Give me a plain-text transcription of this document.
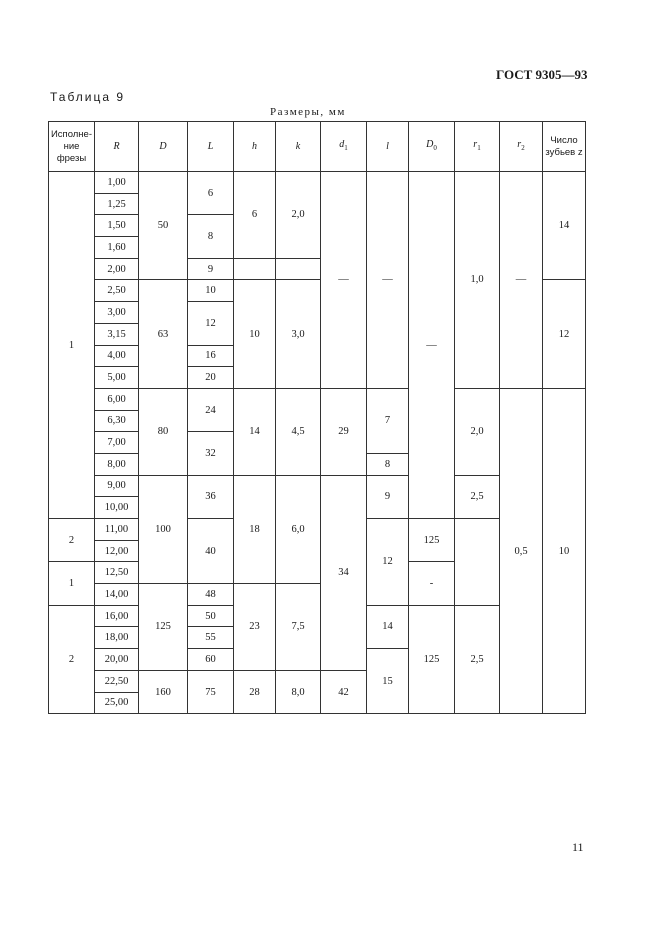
ГОСТ 9305—93
Таблица 9
Размеры, мм
Исполне-ние фрезы	R	D	L	h	k	$d_1$	l	$D_0$	$r_1$	$r_2$	Число зубьев z
1	1,00	50	6	6	2,0	—	—	—	1,0	—	14
	1,25										
	1,50		8								
	1,60										
	2,00		9								
	2,50	63	10	10	3,0						12
	3,00		12								
	3,15										
	4,00		16								
	5,00		20								
	6,00	80	24	14	4,5	29	7		2,0	0,5	10
	6,30										
	7,00		32								
	8,00						8				
	9,00	100	36	18	6,0	34	9		2,5		
	10,00										
2	11,00		40				12	125			
	12,00										
1	12,50							-			
	14,00	125	48	23	7,5						
2	16,00		50				14	125	2,5		
	18,00		55								
	20,00		60				15				
	22,50	160	75	28	8,0	42					
	25,00										
11
